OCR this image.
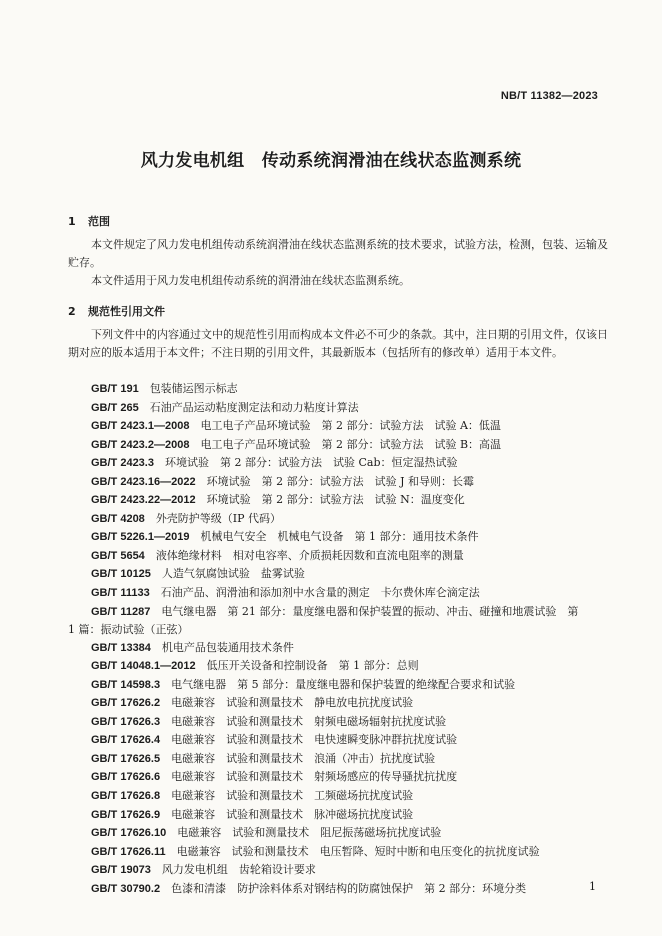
NB/T 11382—2023
风力发电机组　传动系统润滑油在线状态监测系统
1 范围
本文件规定了风力发电机组传动系统润滑油在线状态监测系统的技术要求，试验方法，检测，包装、运输及贮存。
本文件适用于风力发电机组传动系统的润滑油在线状态监测系统。
2 规范性引用文件
下列文件中的内容通过文中的规范性引用而构成本文件必不可少的条款。其中，注日期的引用文件，仅该日期对应的版本适用于本文件；不注日期的引用文件，其最新版本（包括所有的修改单）适用于本文件。
GB/T 191　 包装储运图示标志
GB/T 265　 石油产品运动粘度测定法和动力粘度计算法
GB/T 2423.1—2008　 电工电子产品环境试验　第 2 部分：试验方法　试验 A：低温
GB/T 2423.2—2008　 电工电子产品环境试验　第 2 部分：试验方法　试验 B：高温
GB/T 2423.3　 环境试验　第 2 部分：试验方法　试验 Cab：恒定湿热试验
GB/T 2423.16—2022　 环境试验　第 2 部分：试验方法　试验 J 和导则：长霉
GB/T 2423.22—2012　 环境试验　第 2 部分：试验方法　试验 N：温度变化
GB/T 4208　 外壳防护等级（IP 代码）
GB/T 5226.1—2019　 机械电气安全　机械电气设备　第 1 部分：通用技术条件
GB/T 5654　 液体绝缘材料　相对电容率、介质损耗因数和直流电阻率的测量
GB/T 10125　 人造气氛腐蚀试验　盐雾试验
GB/T 11133　 石油产品、润滑油和添加剂中水含量的测定　卡尔费休库仑滴定法
GB/T 11287　 电气继电器　第 21 部分：量度继电器和保护装置的振动、冲击、碰撞和地震试验　第
1 篇：振动试验（正弦）
GB/T 13384　 机电产品包装通用技术条件
GB/T 14048.1—2012　 低压开关设备和控制设备　第 1 部分：总则
GB/T 14598.3　 电气继电器　第 5 部分：量度继电器和保护装置的绝缘配合要求和试验
GB/T 17626.2　 电磁兼容　试验和测量技术　静电放电抗扰度试验
GB/T 17626.3　 电磁兼容　试验和测量技术　射频电磁场辐射抗扰度试验
GB/T 17626.4　 电磁兼容　试验和测量技术　电快速瞬变脉冲群抗扰度试验
GB/T 17626.5　 电磁兼容　试验和测量技术　浪涌（冲击）抗扰度试验
GB/T 17626.6　 电磁兼容　试验和测量技术　射频场感应的传导骚扰抗扰度
GB/T 17626.8　 电磁兼容　试验和测量技术　工频磁场抗扰度试验
GB/T 17626.9　 电磁兼容　试验和测量技术　脉冲磁场抗扰度试验
GB/T 17626.10　 电磁兼容　试验和测量技术　阻尼振荡磁场抗扰度试验
GB/T 17626.11　 电磁兼容　试验和测量技术　电压暂降、短时中断和电压变化的抗扰度试验
GB/T 19073　 风力发电机组　齿轮箱设计要求
GB/T 30790.2　 色漆和清漆　防护涂料体系对钢结构的防腐蚀保护　第 2 部分：环境分类	1
